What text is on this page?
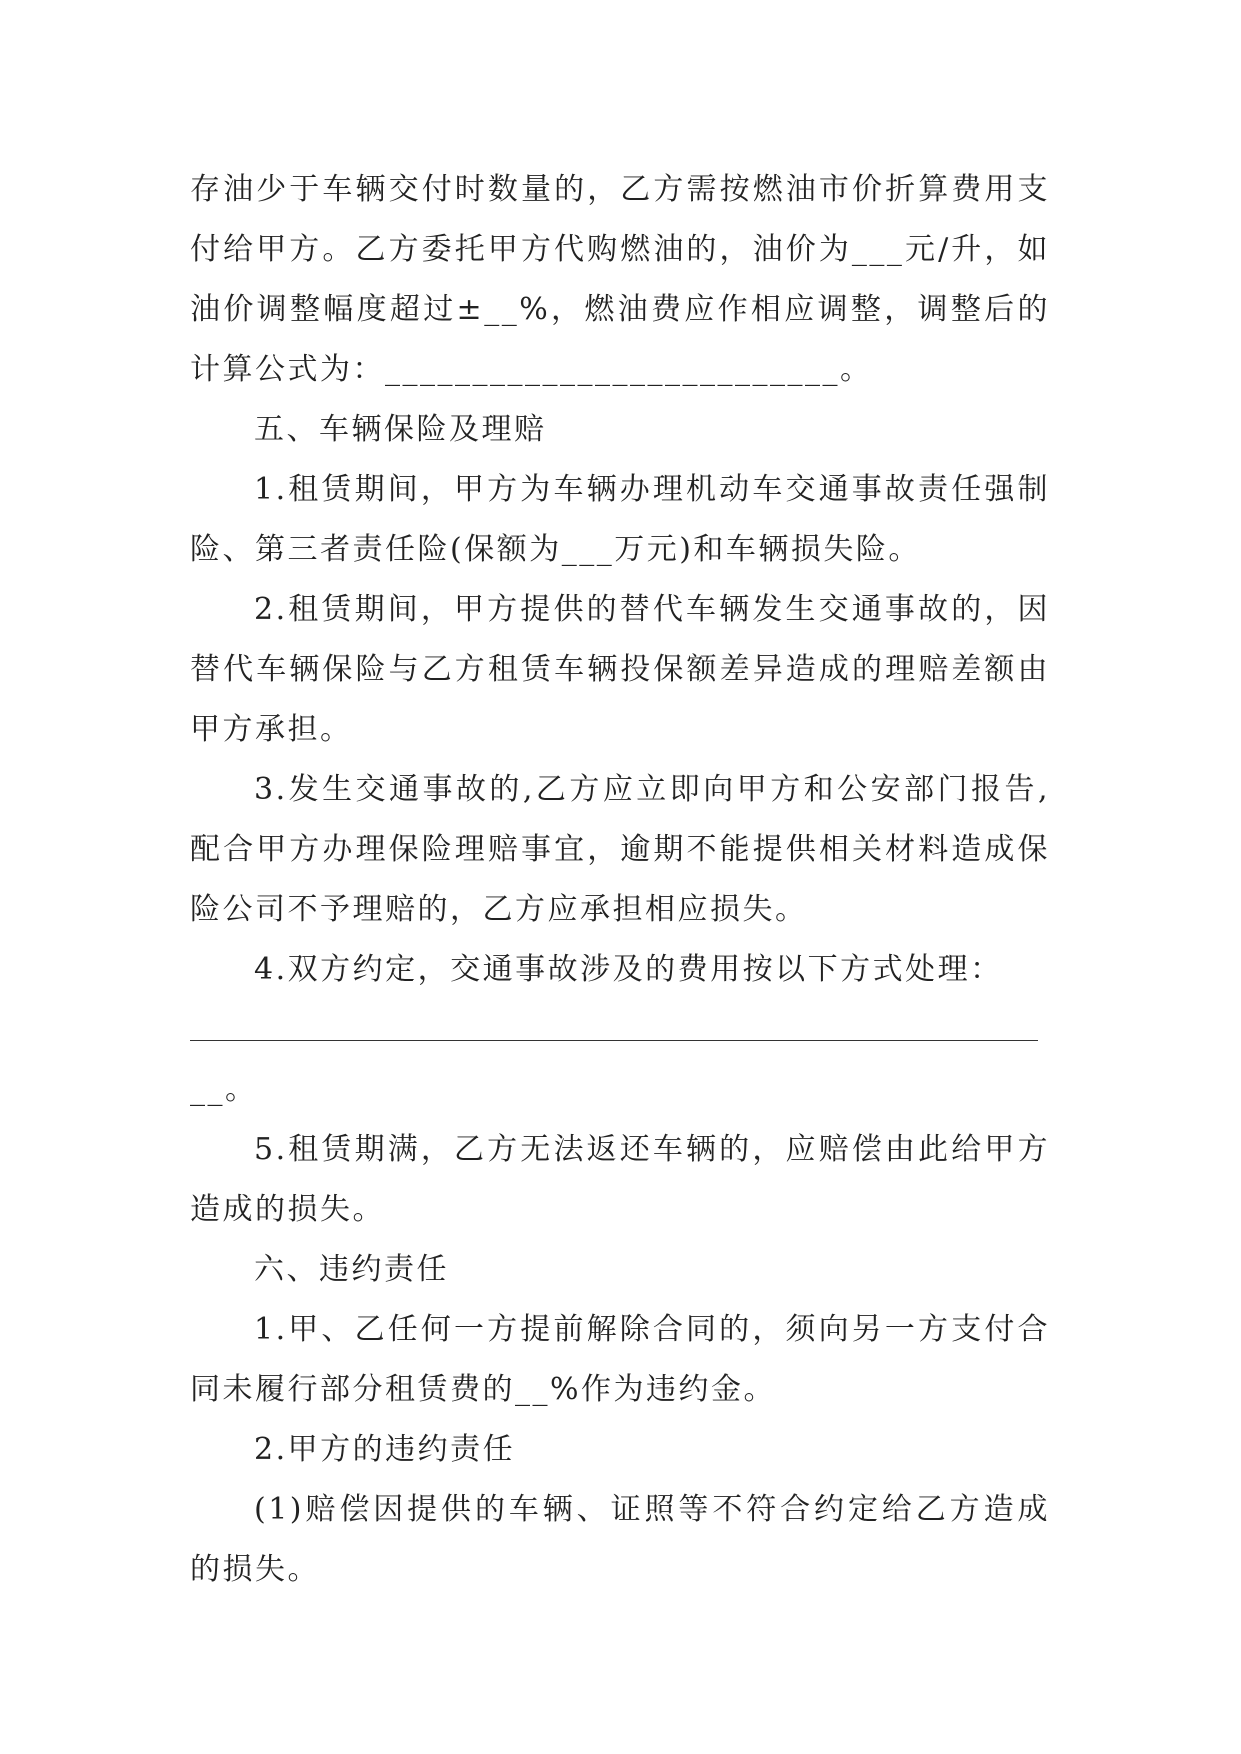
存油少于车辆交付时数量的，乙方需按燃油市价折算费用支付给甲方。乙方委托甲方代购燃油的，油价为___元/升，如油价调整幅度超过±__%，燃油费应作相应调整，调整后的计算公式为：__________________________。

五、车辆保险及理赔

1.租赁期间，甲方为车辆办理机动车交通事故责任强制险、第三者责任险(保额为___万元)和车辆损失险。

2.租赁期间，甲方提供的替代车辆发生交通事故的，因替代车辆保险与乙方租赁车辆投保额差异造成的理赔差额由甲方承担。

3.发生交通事故的,乙方应立即向甲方和公安部门报告,配合甲方办理保险理赔事宜，逾期不能提供相关材料造成保险公司不予理赔的，乙方应承担相应损失。

4.双方约定，交通事故涉及的费用按以下方式处理：

__。

5.租赁期满，乙方无法返还车辆的，应赔偿由此给甲方造成的损失。

六、违约责任

1.甲、乙任何一方提前解除合同的，须向另一方支付合同未履行部分租赁费的__%作为违约金。

2.甲方的违约责任

(1)赔偿因提供的车辆、证照等不符合约定给乙方造成的损失。
